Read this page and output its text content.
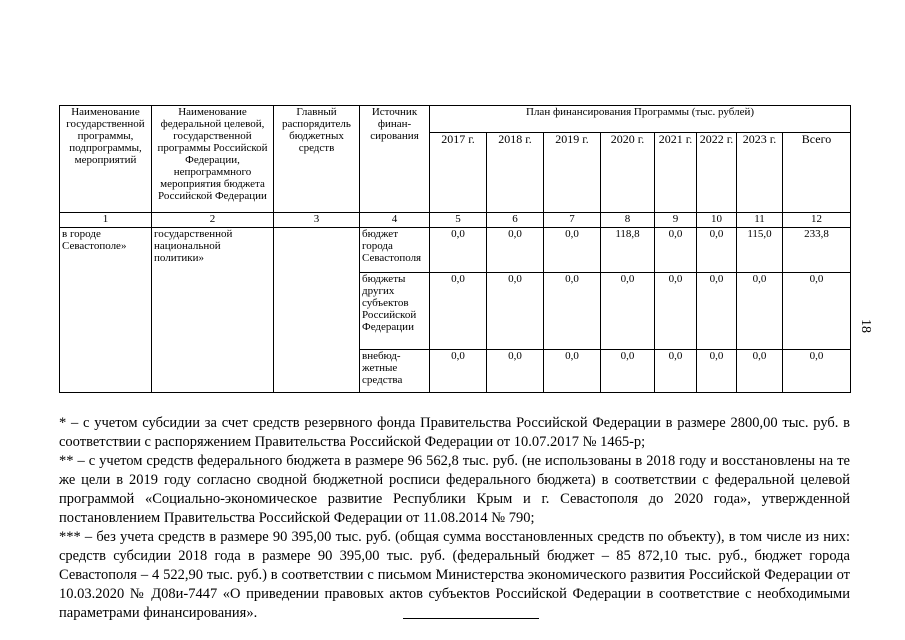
Наименование государственной программы, подпрограммы, мероприятий	Наименование федеральной целевой, государственной программы Российской Федерации, непрограммного мероприятия бюджета Российской Федерации	Главный распорядитель бюджетных средств	Источник финан- сирования	План финансирования Программы (тыс. рублей)							
				2017 г.	2018 г.	2019 г.	2020 г.	2021 г.	2022 г.	2023 г.	Всего
1	2	3	4	5	6	7	8	9	10	11	12
в городе Севастополе»	государственной национальной политики»		бюджет города Севастополя	0,0	0,0	0,0	118,8	0,0	0,0	115,0	233,8
			бюджеты других субъектов Российской Федерации	0,0	0,0	0,0	0,0	0,0	0,0	0,0	0,0
			внебюд- жетные средства	0,0	0,0	0,0	0,0	0,0	0,0	0,0	0,0

* – с учетом субсидии за счет средств резервного фонда Правительства Российской Федерации в размере 2800,00 тыс. руб. в соответствии с распоряжением Правительства Российской Федерации от 10.07.2017 № 1465-р;

** – с учетом средств федерального бюджета в размере 96 562,8 тыс. руб. (не использованы в 2018 году и восстановлены на те же цели в 2019 году согласно сводной бюджетной росписи федерального бюджета) в соответствии с федеральной целевой программой «Социально-экономическое развитие Республики Крым и г. Севастополя до 2020 года», утвержденной постановлением Правительства Российской Федерации от 11.08.2014 № 790;

*** – без учета средств в размере 90 395,00 тыс. руб. (общая сумма восстановленных средств по объекту), в том числе из них: средств субсидии 2018 года в размере 90 395,00 тыс. руб. (федеральный бюджет – 85 872,10 тыс. руб., бюджет города Севастополя – 4 522,90 тыс. руб.) в соответствии с письмом Министерства экономического развития Российской Федерации от 10.03.2020 № Д08и-7447 «О приведении правовых актов субъектов Российской Федерации в соответствие с необходимыми параметрами финансирования».

18
